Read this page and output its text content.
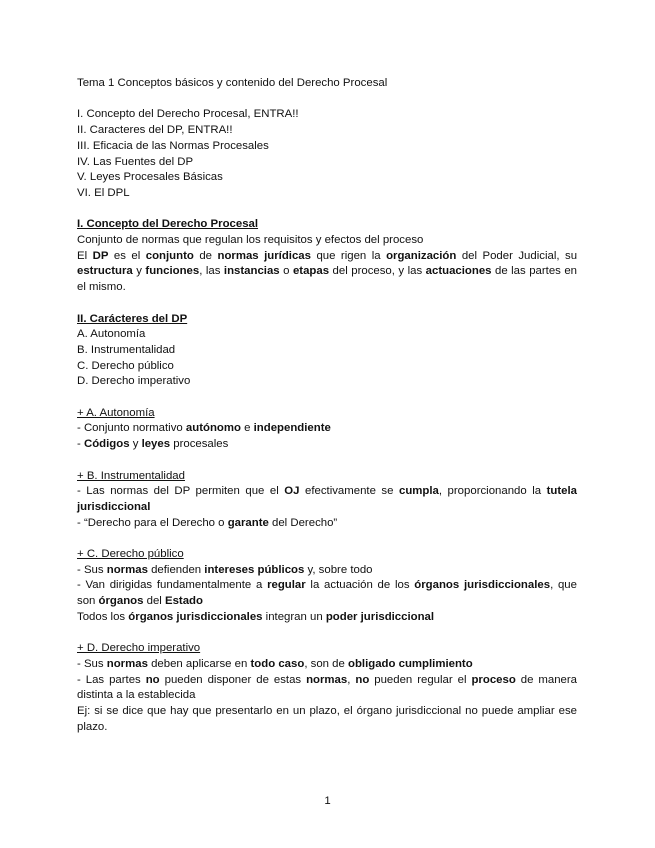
Tema 1 Conceptos básicos y contenido del Derecho Procesal

I. Concepto del Derecho Procesal, ENTRA!!

II. Caracteres del DP, ENTRA!!

III. Eficacia de las Normas Procesales

IV. Las Fuentes del DP

V. Leyes Procesales Básicas

VI. El DPL

I. Concepto del Derecho Procesal

Conjunto de normas que regulan los requisitos y efectos del proceso

El DP es el conjunto de normas jurídicas que rigen la organización del Poder Judicial, su estructura y funciones, las instancias o etapas del proceso, y las actuaciones de las partes en el mismo.

II. Carácteres del DP

A. Autonomía

B. Instrumentalidad

C. Derecho público

D. Derecho imperativo

+ A. Autonomía

- Conjunto normativo autónomo e independiente

- Códigos y leyes procesales

+ B. Instrumentalidad

- Las normas del DP permiten que el OJ efectivamente se cumpla, proporcionando la tutela jurisdiccional

- “Derecho para el Derecho o garante del Derecho”

+ C. Derecho público

- Sus normas defienden intereses públicos y, sobre todo

- Van dirigidas fundamentalmente a regular la actuación de los órganos jurisdiccionales, que son órganos del Estado

Todos los órganos jurisdiccionales integran un poder jurisdiccional

+ D. Derecho imperativo

- Sus normas deben aplicarse en todo caso, son de obligado cumplimiento

- Las partes no pueden disponer de estas normas, no pueden regular el proceso de manera distinta a la establecida

Ej: si se dice que hay que presentarlo en un plazo, el órgano jurisdiccional no puede ampliar ese plazo.

1
